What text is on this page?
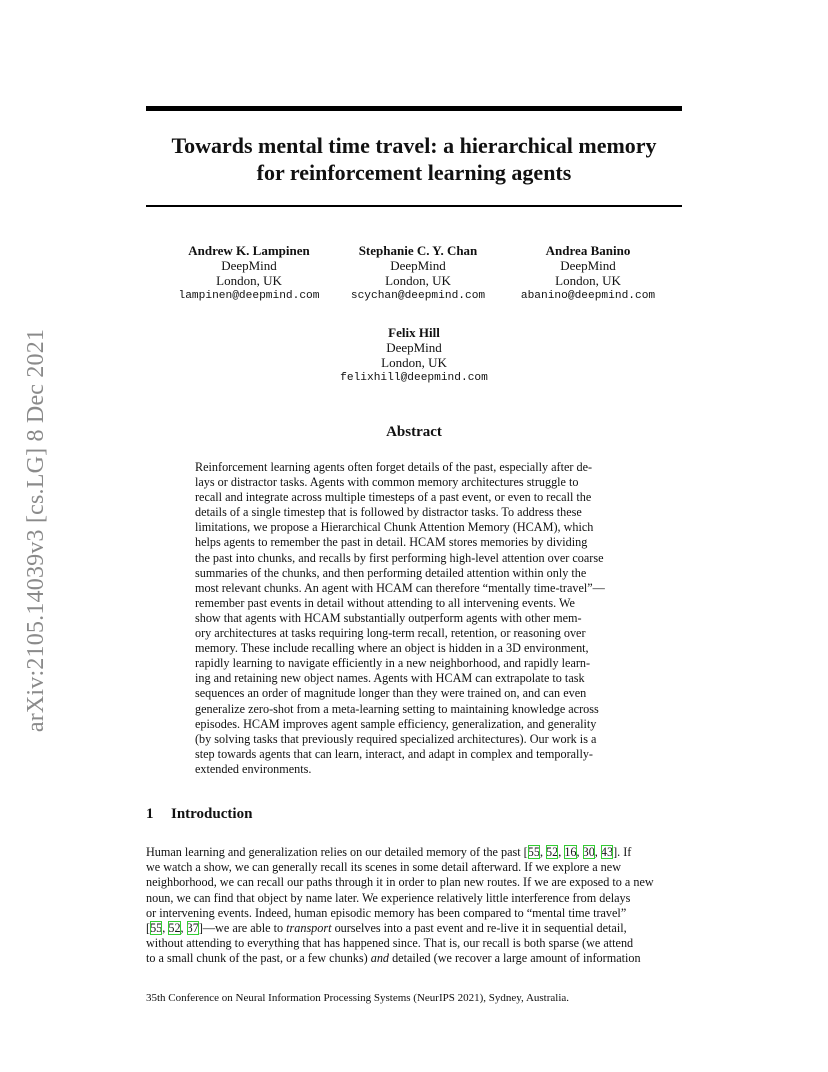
arXiv:2105.14039v3 [cs.LG] 8 Dec 2021
Towards mental time travel: a hierarchical memory
for reinforcement learning agents
Andrew K. Lampinen
DeepMind
London, UK
lampinen@deepmind.com
Stephanie C. Y. Chan
DeepMind
London, UK
scychan@deepmind.com
Andrea Banino
DeepMind
London, UK
abanino@deepmind.com
Felix Hill
DeepMind
London, UK
felixhill@deepmind.com
Abstract
Reinforcement learning agents often forget details of the past, especially after de-
lays or distractor tasks. Agents with common memory architectures struggle to
recall and integrate across multiple timesteps of a past event, or even to recall the
details of a single timestep that is followed by distractor tasks. To address these
limitations, we propose a Hierarchical Chunk Attention Memory (HCAM), which
helps agents to remember the past in detail. HCAM stores memories by dividing
the past into chunks, and recalls by first performing high-level attention over coarse
summaries of the chunks, and then performing detailed attention within only the
most relevant chunks. An agent with HCAM can therefore “mentally time-travel”—
remember past events in detail without attending to all intervening events. We
show that agents with HCAM substantially outperform agents with other mem-
ory architectures at tasks requiring long-term recall, retention, or reasoning over
memory. These include recalling where an object is hidden in a 3D environment,
rapidly learning to navigate efficiently in a new neighborhood, and rapidly learn-
ing and retaining new object names. Agents with HCAM can extrapolate to task
sequences an order of magnitude longer than they were trained on, and can even
generalize zero-shot from a meta-learning setting to maintaining knowledge across
episodes. HCAM improves agent sample efficiency, generalization, and generality
(by solving tasks that previously required specialized architectures). Our work is a
step towards agents that can learn, interact, and adapt in complex and temporally-
extended environments.
1 Introduction
Human learning and generalization relies on our detailed memory of the past [55, 52, 16, 30, 43]. If
we watch a show, we can generally recall its scenes in some detail afterward. If we explore a new
neighborhood, we can recall our paths through it in order to plan new routes. If we are exposed to a new
noun, we can find that object by name later. We experience relatively little interference from delays
or intervening events. Indeed, human episodic memory has been compared to “mental time travel”
[55, 52, 37]—we are able to transport ourselves into a past event and re-live it in sequential detail,
without attending to everything that has happened since. That is, our recall is both sparse (we attend
to a small chunk of the past, or a few chunks) and detailed (we recover a large amount of information
35th Conference on Neural Information Processing Systems (NeurIPS 2021), Sydney, Australia.
